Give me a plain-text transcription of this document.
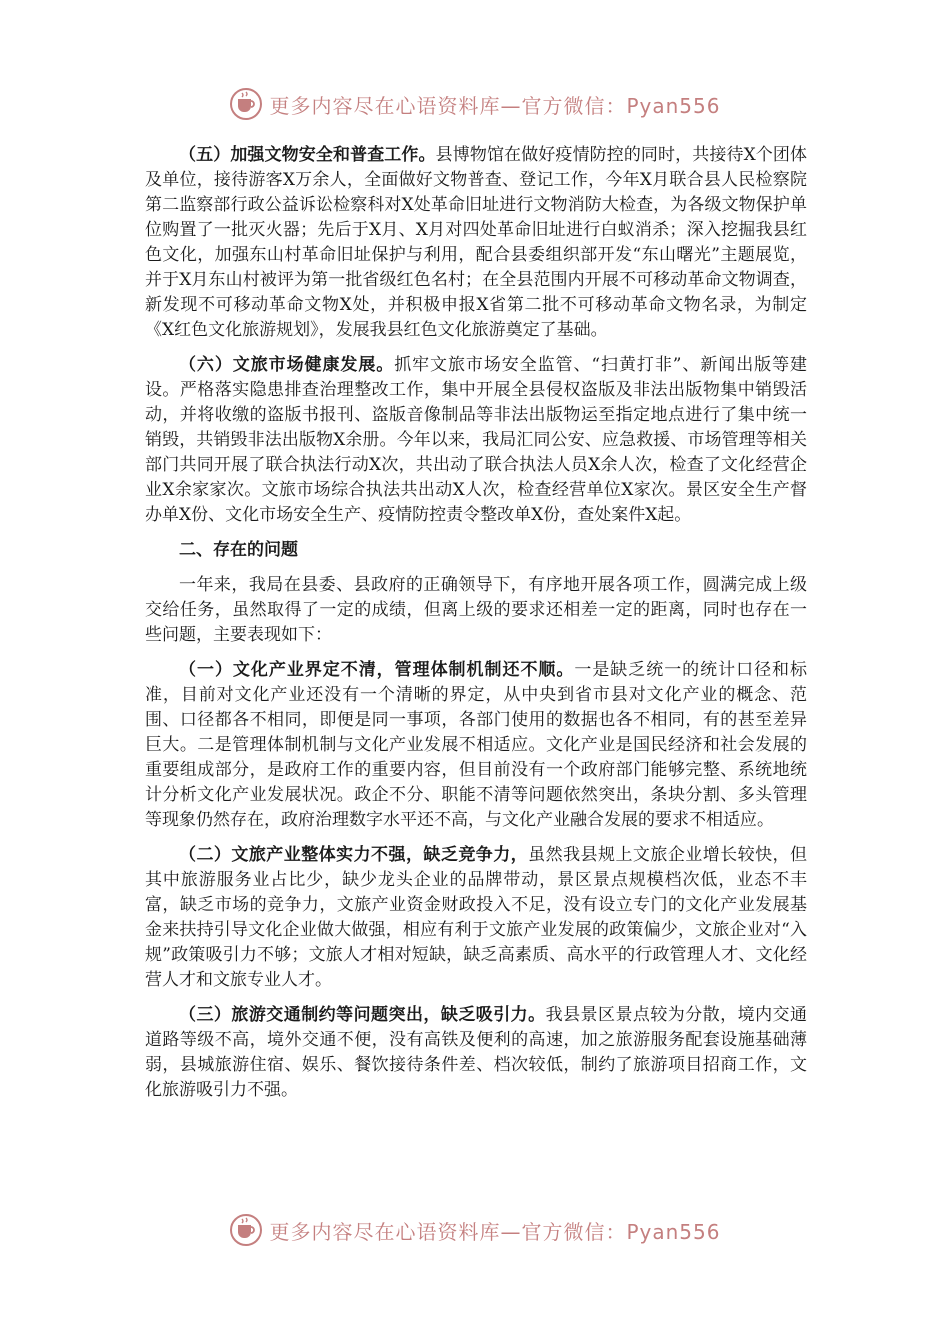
更多内容尽在心语资料库—官方微信：Pyan556

（五）加强文物安全和普查工作。县博物馆在做好疫情防控的同时，共接待X个团体及单位，接待游客X万余人，全面做好文物普查、登记工作，今年X月联合县人民检察院第二监察部行政公益诉讼检察科对X处革命旧址进行文物消防大检查，为各级文物保护单位购置了一批灭火器；先后于X月、X月对四处革命旧址进行白蚁消杀；深入挖掘我县红色文化，加强东山村革命旧址保护与利用，配合县委组织部开发“东山曙光”主题展览，并于X月东山村被评为第一批省级红色名村；在全县范围内开展不可移动革命文物调查，新发现不可移动革命文物X处，并积极申报X省第二批不可移动革命文物名录，为制定《X红色文化旅游规划》，发展我县红色文化旅游奠定了基础。

（六）文旅市场健康发展。抓牢文旅市场安全监管、“扫黄打非”、新闻出版等建设。严格落实隐患排查治理整改工作，集中开展全县侵权盗版及非法出版物集中销毁活动，并将收缴的盗版书报刊、盗版音像制品等非法出版物运至指定地点进行了集中统一销毁，共销毁非法出版物X余册。今年以来，我局汇同公安、应急救援、市场管理等相关部门共同开展了联合执法行动X次，共出动了联合执法人员X余人次，检查了文化经营企业X余家家次。文旅市场综合执法共出动X人次，检查经营单位X家次。景区安全生产督办单X份、文化市场安全生产、疫情防控责令整改单X份，查处案件X起。

二、存在的问题

一年来，我局在县委、县政府的正确领导下，有序地开展各项工作，圆满完成上级交给任务，虽然取得了一定的成绩，但离上级的要求还相差一定的距离，同时也存在一些问题，主要表现如下：

（一）文化产业界定不清，管理体制机制还不顺。一是缺乏统一的统计口径和标准，目前对文化产业还没有一个清晰的界定，从中央到省市县对文化产业的概念、范围、口径都各不相同，即便是同一事项，各部门使用的数据也各不相同，有的甚至差异巨大。二是管理体制机制与文化产业发展不相适应。文化产业是国民经济和社会发展的重要组成部分，是政府工作的重要内容，但目前没有一个政府部门能够完整、系统地统计分析文化产业发展状况。政企不分、职能不清等问题依然突出，条块分割、多头管理等现象仍然存在，政府治理数字水平还不高，与文化产业融合发展的要求不相适应。

（二）文旅产业整体实力不强，缺乏竞争力，虽然我县规上文旅企业增长较快，但其中旅游服务业占比少，缺少龙头企业的品牌带动，景区景点规模档次低，业态不丰富，缺乏市场的竞争力，文旅产业资金财政投入不足，没有设立专门的文化产业发展基金来扶持引导文化企业做大做强，相应有利于文旅产业发展的政策偏少，文旅企业对“入规”政策吸引力不够；文旅人才相对短缺，缺乏高素质、高水平的行政管理人才、文化经营人才和文旅专业人才。

（三）旅游交通制约等问题突出，缺乏吸引力。我县景区景点较为分散，境内交通道路等级不高，境外交通不便，没有高铁及便利的高速，加之旅游服务配套设施基础薄弱，县城旅游住宿、娱乐、餐饮接待条件差、档次较低，制约了旅游项目招商工作，文化旅游吸引力不强。

更多内容尽在心语资料库—官方微信：Pyan556
